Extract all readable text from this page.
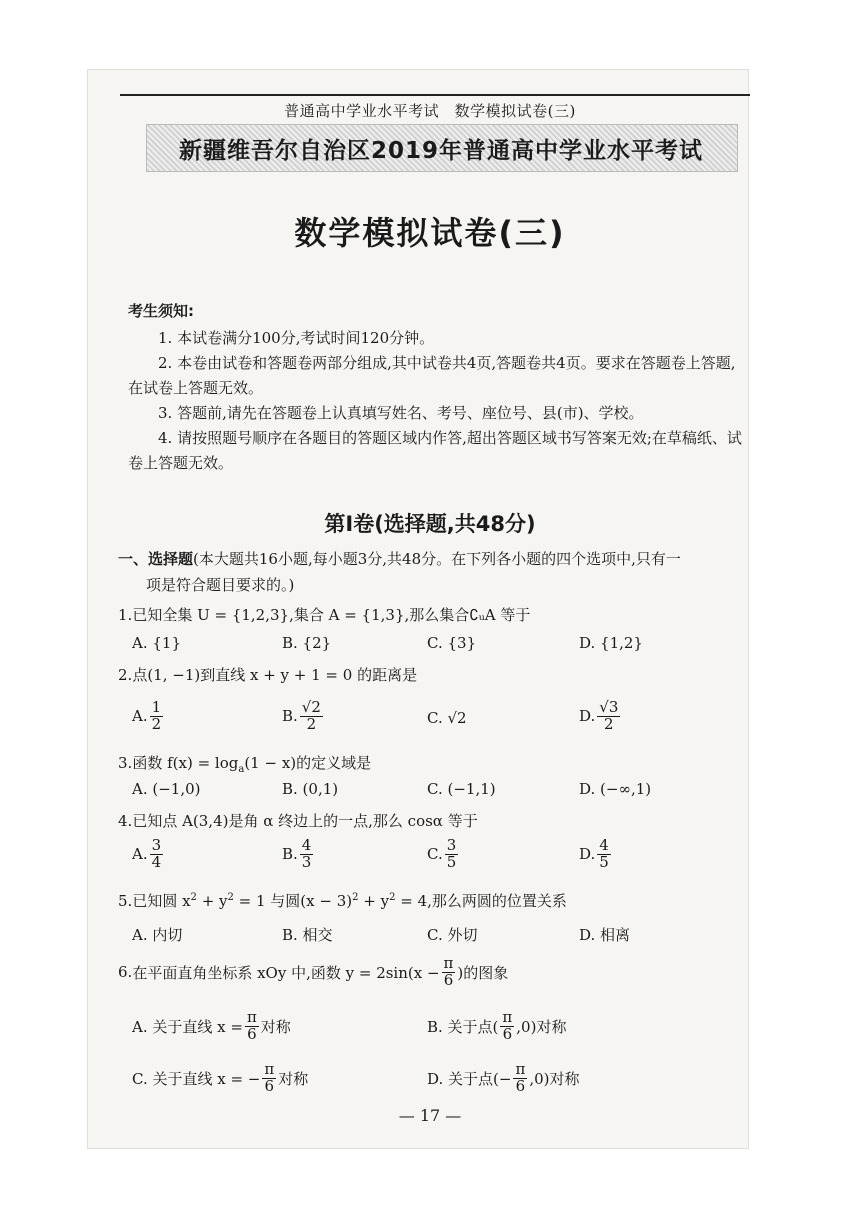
普通高中学业水平考试　数学模拟试卷(三)
新疆维吾尔自治区2019年普通高中学业水平考试
数学模拟试卷(三)
考生须知:

1. 本试卷满分100分,考试时间120分钟。

2. 本卷由试卷和答题卷两部分组成,其中试卷共4页,答题卷共4页。要求在答题卷上答题,在试卷上答题无效。

3. 答题前,请先在答题卷上认真填写姓名、考号、座位号、县(市)、学校。

4. 请按照题号顺序在各题目的答题区域内作答,超出答题区域书写答案无效;在草稿纸、试卷上答题无效。

第Ⅰ卷(选择题,共48分)
一、选择题(本大题共16小题,每小题3分,共48分。在下列各小题的四个选项中,只有一
项是符合题目要求的。)
1.已知全集 U = {1,2,3},集合 A = {1,3},那么集合∁ᵤA 等于
A. {1}	B. {2}	C. {3}	D. {1,2}
2.点(1, −1)到直线 x + y + 1 = 0 的距离是
A. $\frac{1}{2}$	B. $\frac{√2}{2}$	C. √2	D. $\frac{√3}{2}$
3.函数 $f(x) = \log_a(1 - x)$的定义域是
A. (−1,0)	B. (0,1)	C. (−1,1)	D. (−∞,1)
4.已知点 A(3,4)是角 α 终边上的一点,那么 cosα 等于
A. $\frac{3}{4}$	B. $\frac{4}{3}$	C. $\frac{3}{5}$	D. $\frac{4}{5}$
5.已知圆 $x^2 + y^2 = 1$ 与圆$(x - 3)^2 + y^2 = 4$,那么两圆的位置关系
A. 内切	B. 相交	C. 外切	D. 相离
6. 在平面直角坐标系 xOy 中,函数 $y = 2\sin(x - \frac{\pi}{6}$ )的图象
A. 关于直线 $x = \frac{\pi}{6}$ 对称	B. 关于点( $\frac{\pi}{6} ,0$)对称
C. 关于直线 x = − $\frac{\pi}{6}$ 对称	D. 关于点(− $\frac{\pi}{6} ,0$)对称
— 17 —
